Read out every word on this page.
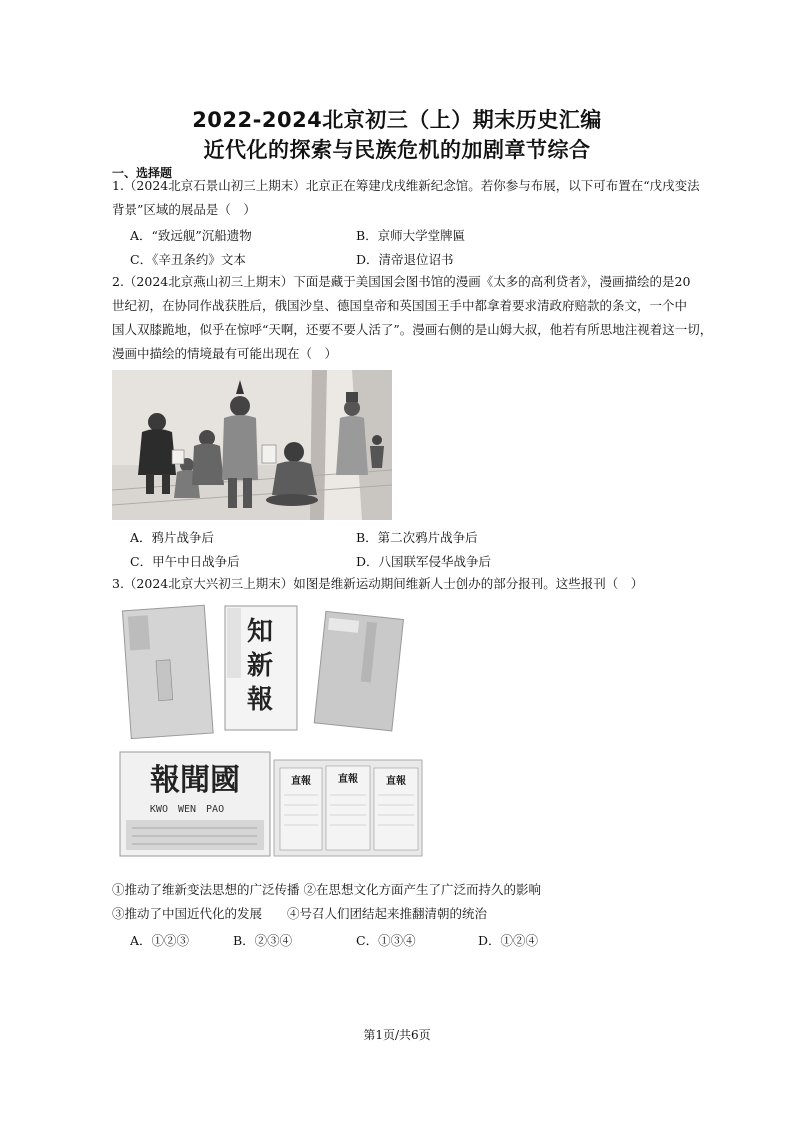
2022-2024北京初三（上）期末历史汇编
近代化的探索与民族危机的加剧章节综合
一、选择题
1.（2024北京石景山初三上期末）北京正在筹建戊戌维新纪念馆。若你参与布展，以下可布置在“戊戌变法
背景”区域的展品是（　）
A．“致远舰”沉船遗物	B．京师大学堂牌匾
C．《辛丑条约》文本	D．清帝退位诏书
2.（2024北京燕山初三上期末）下面是藏于美国国会图书馆的漫画《太多的高利贷者》，漫画描绘的是20
世纪初，在协同作战获胜后，俄国沙皇、德国皇帝和英国国王手中都拿着要求清政府赔款的条文，一个中
国人双膝跪地，似乎在惊呼“天啊，还要不要人活了”。漫画右侧的是山姆大叔，他若有所思地注视着这一切，
漫画中描绘的情境最有可能出现在（　）
A．鸦片战争后	B．第二次鸦片战争后
C．甲午中日战争后	D．八国联军侵华战争后
3.（2024北京大兴初三上期末）如图是维新运动期间维新人士创办的部分报刊。这些报刊（　）
知
新
報
報聞國
KWO　WEN　PAO
直報	直報	直報
①推动了维新变法思想的广泛传播 ②在思想文化方面产生了广泛而持久的影响
③推动了中国近代化的发展　　④号召人们团结起来推翻清朝的统治
A．①②③	B．②③④	C．①③④	D．①②④
第1页/共6页
